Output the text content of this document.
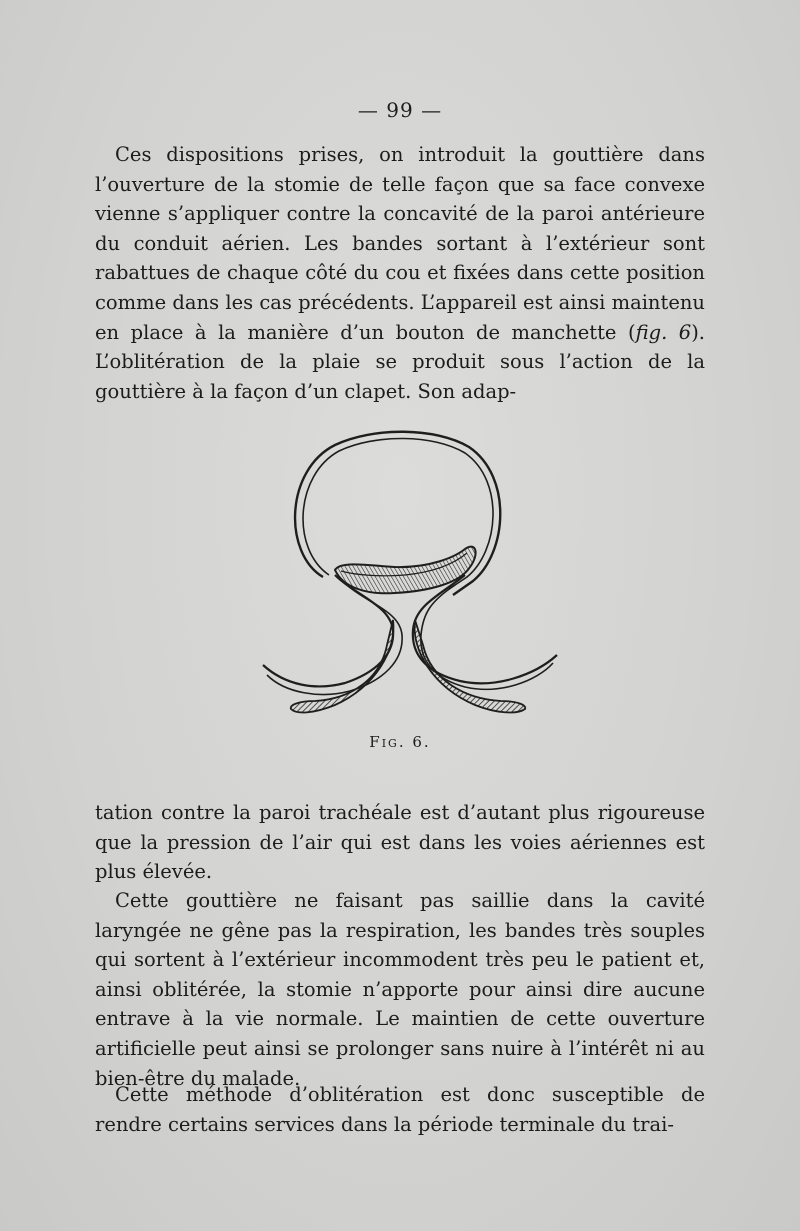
— 99 —

Ces dispositions prises, on introduit la gouttière dans l’ouverture de la stomie de telle façon que sa face convexe vienne s’appliquer contre la concavité de la paroi antérieure du conduit aérien. Les bandes sortant à l’extérieur sont rabattues de chaque côté du cou et fixées dans cette position comme dans les cas précédents. L’appareil est ainsi maintenu en place à la manière d’un bouton de manchette (fig. 6). L’oblitération de la plaie se produit sous l’action de la gouttière à la façon d’un clapet. Son adap-

Fig. 6.

tation contre la paroi trachéale est d’autant plus rigoureuse que la pression de l’air qui est dans les voies aériennes est plus élevée.

Cette gouttière ne faisant pas saillie dans la cavité laryngée ne gêne pas la respiration, les bandes très souples qui sortent à l’extérieur incommodent très peu le patient et, ainsi oblitérée, la stomie n’apporte pour ainsi dire aucune entrave à la vie normale. Le maintien de cette ouverture artificielle peut ainsi se prolonger sans nuire à l’intérêt ni au bien-être du malade.

Cette méthode d’oblitération est donc susceptible de rendre certains services dans la période terminale du trai-
